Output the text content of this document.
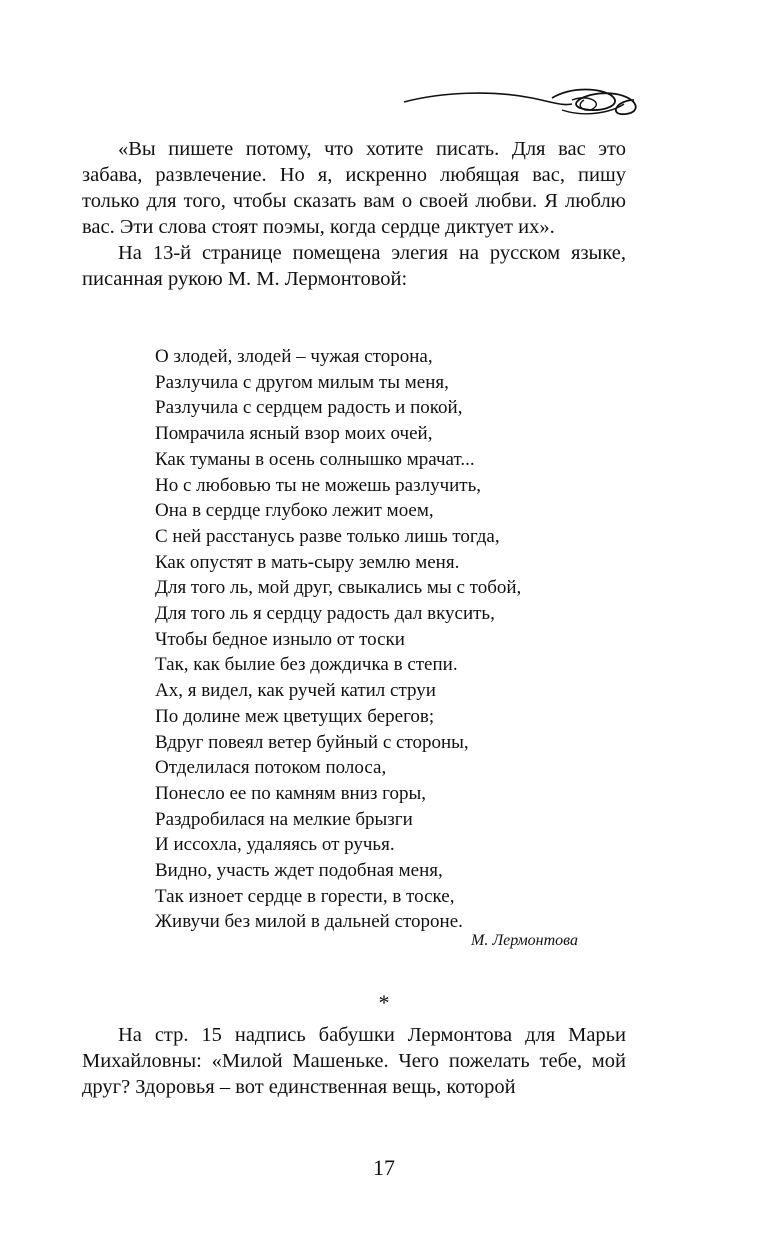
«Вы пишете потому, что хотите писать. Для вас это забава, развлечение. Но я, искренно любящая вас, пишу только для того, чтобы сказать вам о своей любви. Я люблю вас. Эти слова стоят поэмы, когда сердце диктует их».

На 13-й странице помещена элегия на русском языке, писанная рукою М. М. Лермонтовой:

О злодей, злодей – чужая сторона,
Разлучила с другом милым ты меня,
Разлучила с сердцем радость и покой,
Помрачила ясный взор моих очей,
Как туманы в осень солнышко мрачат...
Но с любовью ты не можешь разлучить,
Она в сердце глубоко лежит моем,
С ней расстанусь разве только лишь тогда,
Как опустят в мать-сыру землю меня.
Для того ль, мой друг, свыкались мы с тобой,
Для того ль я сердцу радость дал вкусить,
Чтобы бедное изныло от тоски
Так, как былие без дождичка в степи.
Ах, я видел, как ручей катил струи
По долине меж цветущих берегов;
Вдруг повеял ветер буйный с стороны,
Отделилася потоком полоса,
Понесло ее по камням вниз горы,
Раздробилася на мелкие брызги
И иссохла, удаляясь от ручья.
Видно, участь ждет подобная меня,
Так изноет сердце в горести, в тоске,
Живучи без милой в дальней стороне.
М. Лермонтова
*

На стр. 15 надпись бабушки Лермонтова для Марьи Михайловны: «Милой Машеньке. Чего пожелать тебе, мой друг? Здоровья – вот единственная вещь, которой

17
